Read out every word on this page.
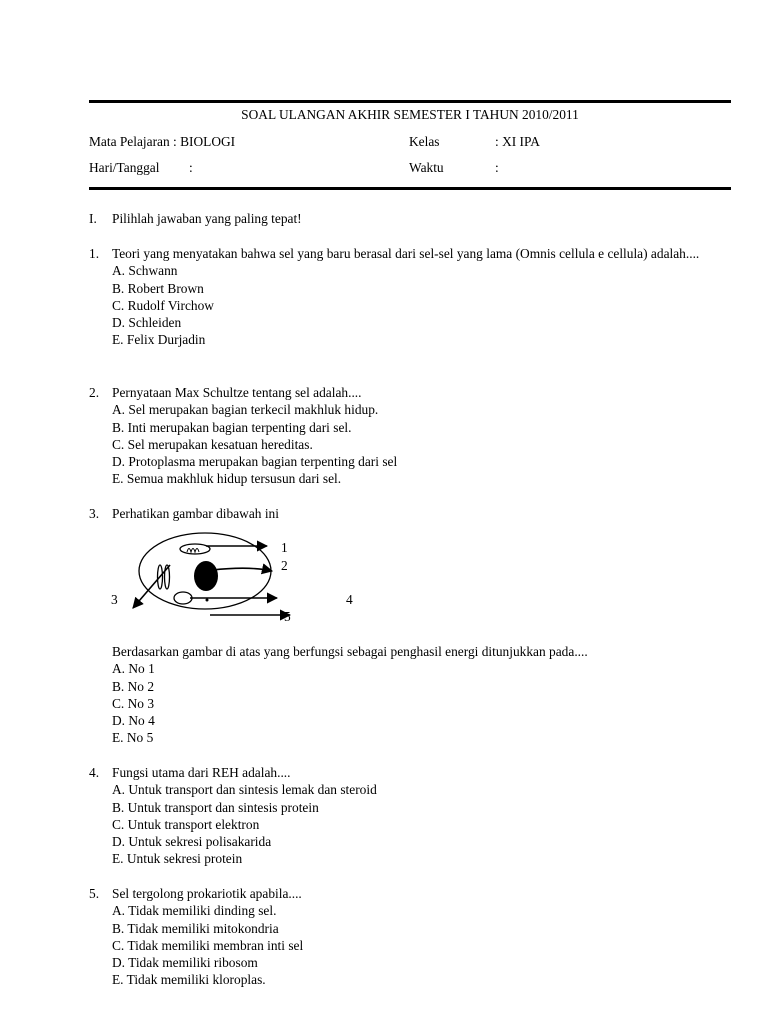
SOAL ULANGAN AKHIR SEMESTER I TAHUN 2010/2011
Mata Pelajaran : BIOLOGI	Kelas	: XI IPA
Hari/Tanggal :	Waktu	:
I. Pilihlah jawaban yang paling tepat!
1. Teori yang menyatakan bahwa sel yang baru berasal dari sel-sel yang lama (Omnis cellula e cellula) adalah....
A. Schwann
B. Robert Brown
C. Rudolf Virchow
D. Schleiden
E. Felix Durjadin
2. Pernyataan Max Schultze tentang sel adalah....
A. Sel merupakan bagian terkecil makhluk hidup.
B. Inti merupakan bagian terpenting dari sel.
C. Sel merupakan kesatuan hereditas.
D. Protoplasma merupakan bagian terpenting dari sel
E. Semua makhluk hidup tersusun dari sel.
3. Perhatikan gambar dibawah ini
1
2
3	4
5
Berdasarkan gambar di atas yang berfungsi sebagai penghasil energi ditunjukkan pada....
A. No 1
B. No 2
C. No 3
D. No 4
E. No 5
4. Fungsi utama dari REH adalah....
A. Untuk transport dan sintesis lemak dan steroid
B. Untuk transport dan sintesis protein
C. Untuk transport elektron
D. Untuk sekresi polisakarida
E. Untuk sekresi protein
5. Sel tergolong prokariotik apabila....
A. Tidak memiliki dinding sel.
B. Tidak memiliki mitokondria
C. Tidak memiliki membran inti sel
D. Tidak memiliki ribosom
E. Tidak memiliki kloroplas.
